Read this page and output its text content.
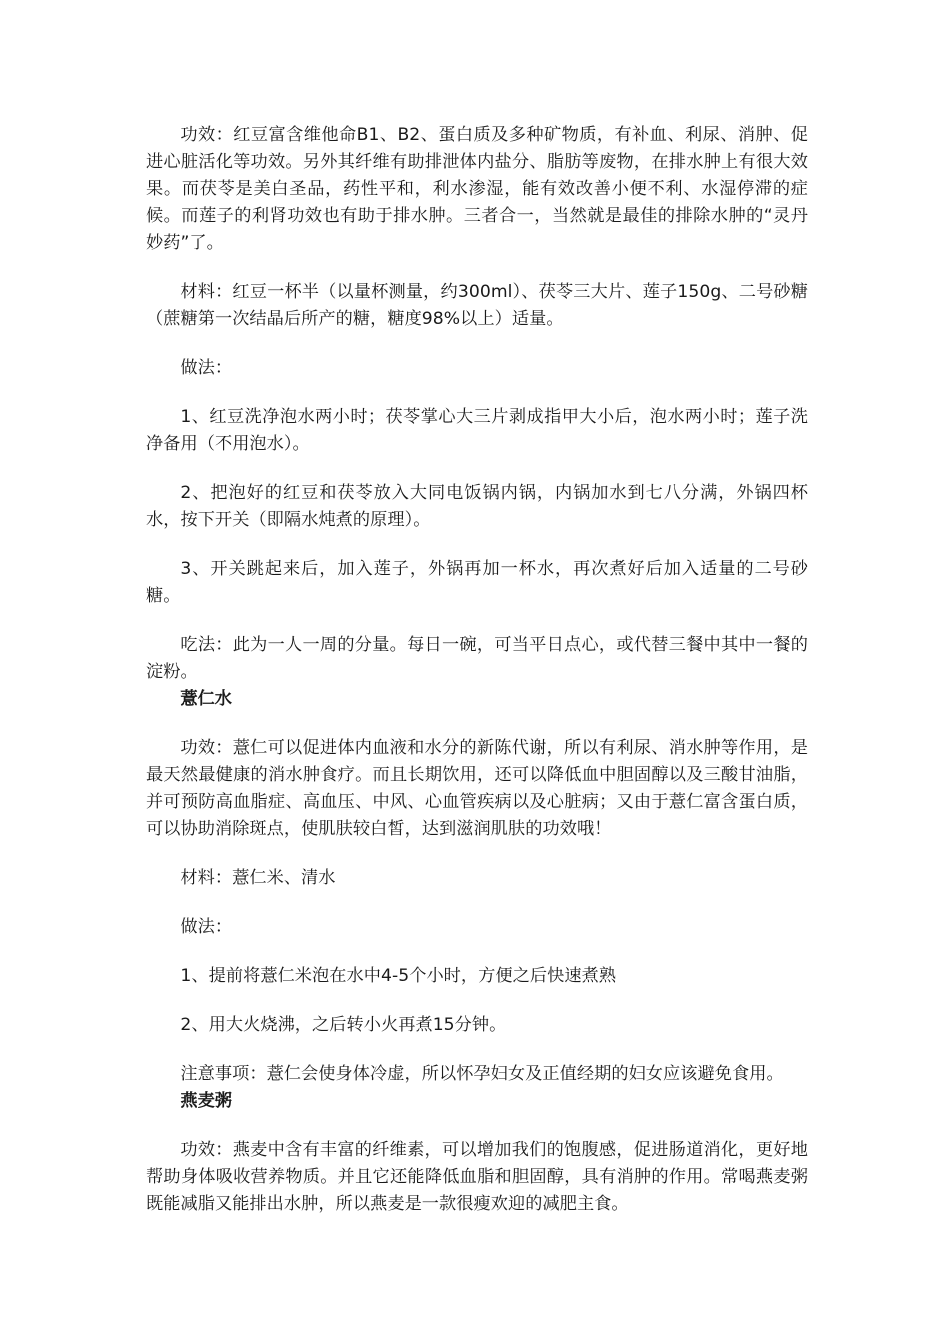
功效：红豆富含维他命B1、B2、蛋白质及多种矿物质，有补血、利尿、消肿、促进心脏活化等功效。另外其纤维有助排泄体内盐分、脂肪等废物，在排水肿上有很大效果。而茯苓是美白圣品，药性平和，利水渗湿，能有效改善小便不利、水湿停滞的症候。而莲子的利肾功效也有助于排水肿。三者合一，当然就是最佳的排除水肿的“灵丹妙药”了。

材料：红豆一杯半（以量杯测量，约300ml）、茯苓三大片、莲子150g、二号砂糖（蔗糖第一次结晶后所产的糖，糖度98%以上）适量。

做法：

1、红豆洗净泡水两小时；茯苓掌心大三片剥成指甲大小后，泡水两小时；莲子洗净备用（不用泡水）。

2、把泡好的红豆和茯苓放入大同电饭锅内锅，内锅加水到七八分满，外锅四杯水，按下开关（即隔水炖煮的原理）。

3、开关跳起来后，加入莲子，外锅再加一杯水，再次煮好后加入适量的二号砂糖。

吃法：此为一人一周的分量。每日一碗，可当平日点心，或代替三餐中其中一餐的淀粉。

薏仁水

功效：薏仁可以促进体内血液和水分的新陈代谢，所以有利尿、消水肿等作用，是最天然最健康的消水肿食疗。而且长期饮用，还可以降低血中胆固醇以及三酸甘油脂，并可预防高血脂症、高血压、中风、心血管疾病以及心脏病；又由于薏仁富含蛋白质，可以协助消除斑点，使肌肤较白皙，达到滋润肌肤的功效哦！

材料：薏仁米、清水

做法：

1、提前将薏仁米泡在水中4-5个小时，方便之后快速煮熟

2、用大火烧沸，之后转小火再煮15分钟。

注意事项：薏仁会使身体冷虚，所以怀孕妇女及正值经期的妇女应该避免食用。

燕麦粥

功效：燕麦中含有丰富的纤维素，可以增加我们的饱腹感，促进肠道消化，更好地帮助身体吸收营养物质。并且它还能降低血脂和胆固醇，具有消肿的作用。常喝燕麦粥既能减脂又能排出水肿，所以燕麦是一款很瘦欢迎的减肥主食。
